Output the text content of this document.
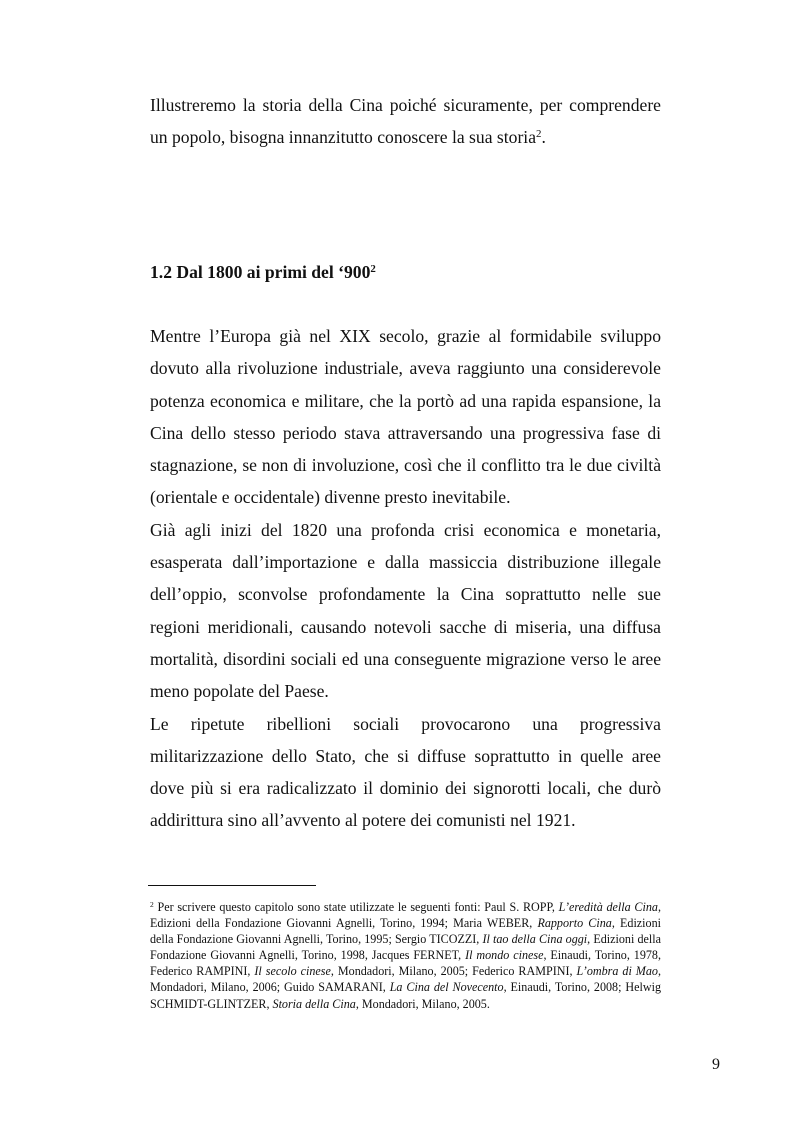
Illustreremo la storia della Cina poiché sicuramente, per comprendere un popolo, bisogna innanzitutto conoscere la sua storia$^2$.

1.2 Dal 1800 ai primi del ‘$900^2$

Mentre l’Europa già nel XIX secolo, grazie al formidabile sviluppo dovuto alla rivoluzione industriale, aveva raggiunto una considerevole potenza economica e militare, che la portò ad una rapida espansione, la Cina dello stesso periodo stava attraversando una progressiva fase di stagnazione, se non di involuzione, così che il conflitto tra le due civiltà (orientale e occidentale) divenne presto inevitabile.

Già agli inizi del 1820 una profonda crisi economica e monetaria, esasperata dall’importazione e dalla massiccia distribuzione illegale dell’oppio, sconvolse profondamente la Cina soprattutto nelle sue regioni meridionali, causando notevoli sacche di miseria, una diffusa mortalità, disordini sociali ed una conseguente migrazione verso le aree meno popolate del Paese.

Le ripetute ribellioni sociali provocarono una progressiva militarizzazione dello Stato, che si diffuse soprattutto in quelle aree dove più si era radicalizzato il dominio dei signorotti locali, che durò addirittura sino all’avvento al potere dei comunisti nel 1921.

$^2$ Per scrivere questo capitolo sono state utilizzate le seguenti fonti: Paul S. ROPP, L’eredità della Cina, Edizioni della Fondazione Giovanni Agnelli, Torino, 1994; Maria WEBER, Rapporto Cina, Edizioni della Fondazione Giovanni Agnelli, Torino, 1995; Sergio TICOZZI, Il tao della Cina oggi, Edizioni della Fondazione Giovanni Agnelli, Torino, 1998, Jacques FERNET, Il mondo cinese, Einaudi, Torino, 1978, Federico RAMPINI, Il secolo cinese, Mondadori, Milano, 2005; Federico RAMPINI, L’ombra di Mao, Mondadori, Milano, 2006; Guido SAMARANI, La Cina del Novecento, Einaudi, Torino, 2008; Helwig SCHMIDT-GLINTZER, Storia della Cina, Mondadori, Milano, 2005.
9
